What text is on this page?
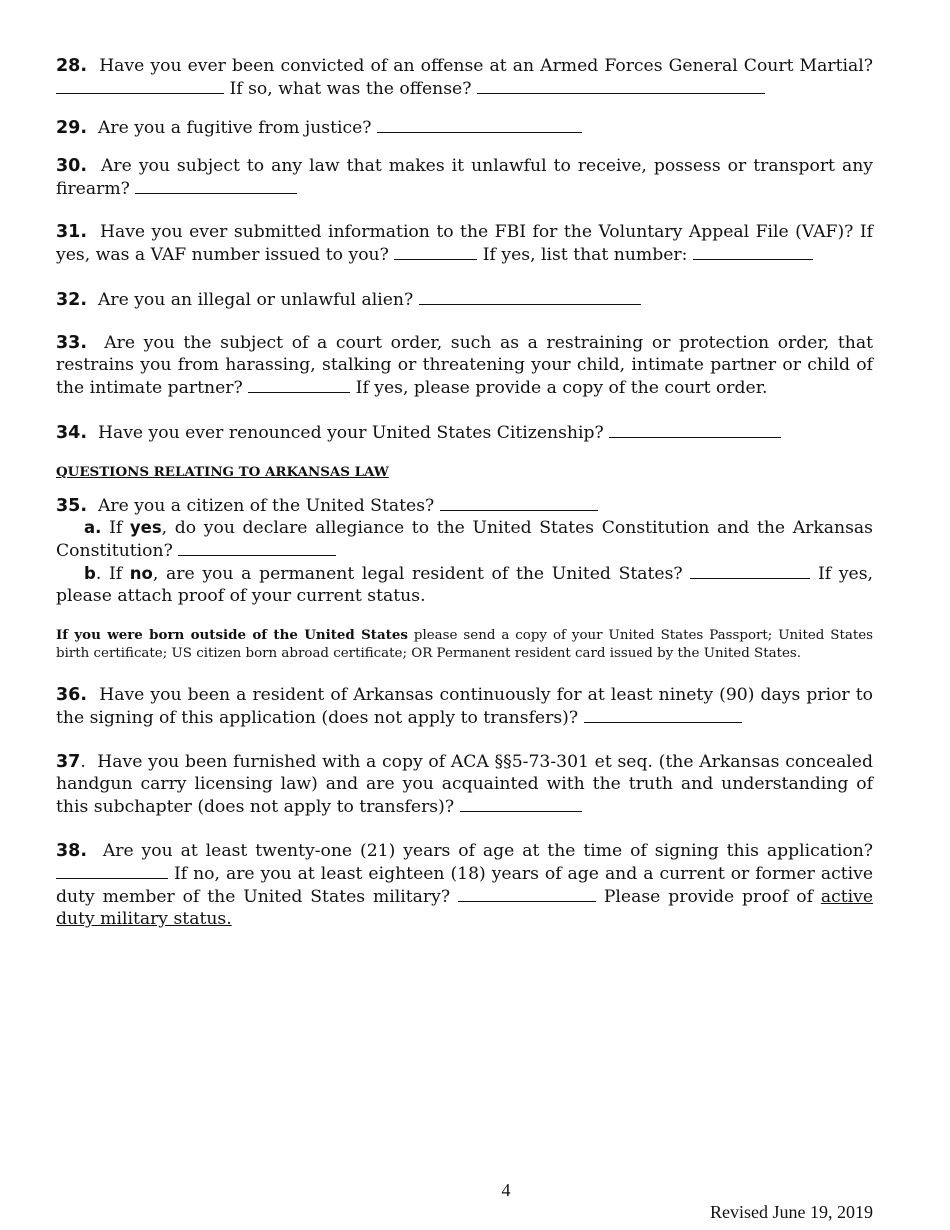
28. Have you ever been convicted of an offense at an Armed Forces General Court Martial?  If so, what was the offense?

29. Are you a fugitive from justice?

30. Are you subject to any law that makes it unlawful to receive, possess or transport any firearm?

31. Have you ever submitted information to the FBI for the Voluntary Appeal File (VAF)? If yes, was a VAF number issued to you?	If yes, list that number:

32. Are you an illegal or unlawful alien?

33. Are you the subject of a court order, such as a restraining or protection order, that restrains you from harassing, stalking or threatening your child, intimate partner or child of the intimate partner?	If yes, please provide a copy of the court order.

34. Have you ever renounced your United States Citizenship?

QUESTIONS RELATING TO ARKANSAS LAW

35. Are you a citizen of the United States?

a. If yes, do you declare allegiance to the United States Constitution and the Arkansas Constitution?

b. If no, are you a permanent legal resident of the United States?	If yes, please attach proof of your current status.

If you were born outside of the United States please send a copy of your United States Passport; United States birth certificate; US citizen born abroad certificate; OR Permanent resident card issued by the United States.

36. Have you been a resident of Arkansas continuously for at least ninety (90) days prior to the signing of this application (does not apply to transfers)?

37. Have you been furnished with a copy of ACA §§5-73-301 et seq. (the Arkansas concealed handgun carry licensing law) and are you acquainted with the truth and understanding of this subchapter (does not apply to transfers)?

38. Are you at least twenty-one (21) years of age at the time of signing this application?  If no, are you at least eighteen (18) years of age and a current or former active duty member of the United States military?	Please provide proof of active duty military status.

4
Revised June 19, 2019
